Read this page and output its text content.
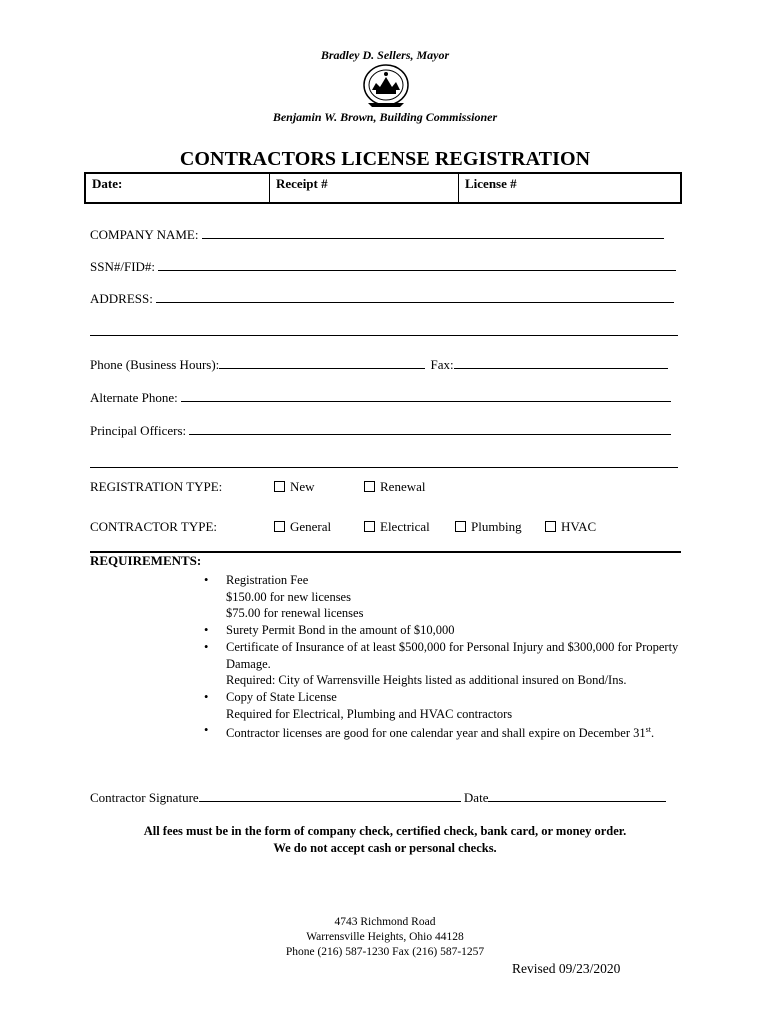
Bradley D. Sellers, Mayor
Benjamin W. Brown, Building Commissioner
CONTRACTORS LICENSE REGISTRATION
Date:	Receipt #	License #
COMPANY NAME:
SSN#/FID#:
ADDRESS:
Phone (Business Hours):	Fax:
Alternate Phone:
Principal Officers:
REGISTRATION TYPE:	New	Renewal
CONTRACTOR TYPE:	General	Electrical	Plumbing	HVAC
REQUIREMENTS:
• Registration Fee
$150.00 for new licenses
$75.00 for renewal licenses
• Surety Permit Bond in the amount of $10,000
• Certificate of Insurance of at least $500,000 for Personal Injury and $300,000 for Property Damage.
Required: City of Warrensville Heights listed as additional insured on Bond/Ins.
• Copy of State License
Required for Electrical, Plumbing and HVAC contractors
• Contractor licenses are good for one calendar year and shall expire on December 31st.
Contractor Signature	Date
All fees must be in the form of company check, certified check, bank card, or money order.
We do not accept cash or personal checks.
4743 Richmond Road
Warrensville Heights, Ohio 44128
Phone (216) 587-1230 Fax (216) 587-1257
Revised 09/23/2020
